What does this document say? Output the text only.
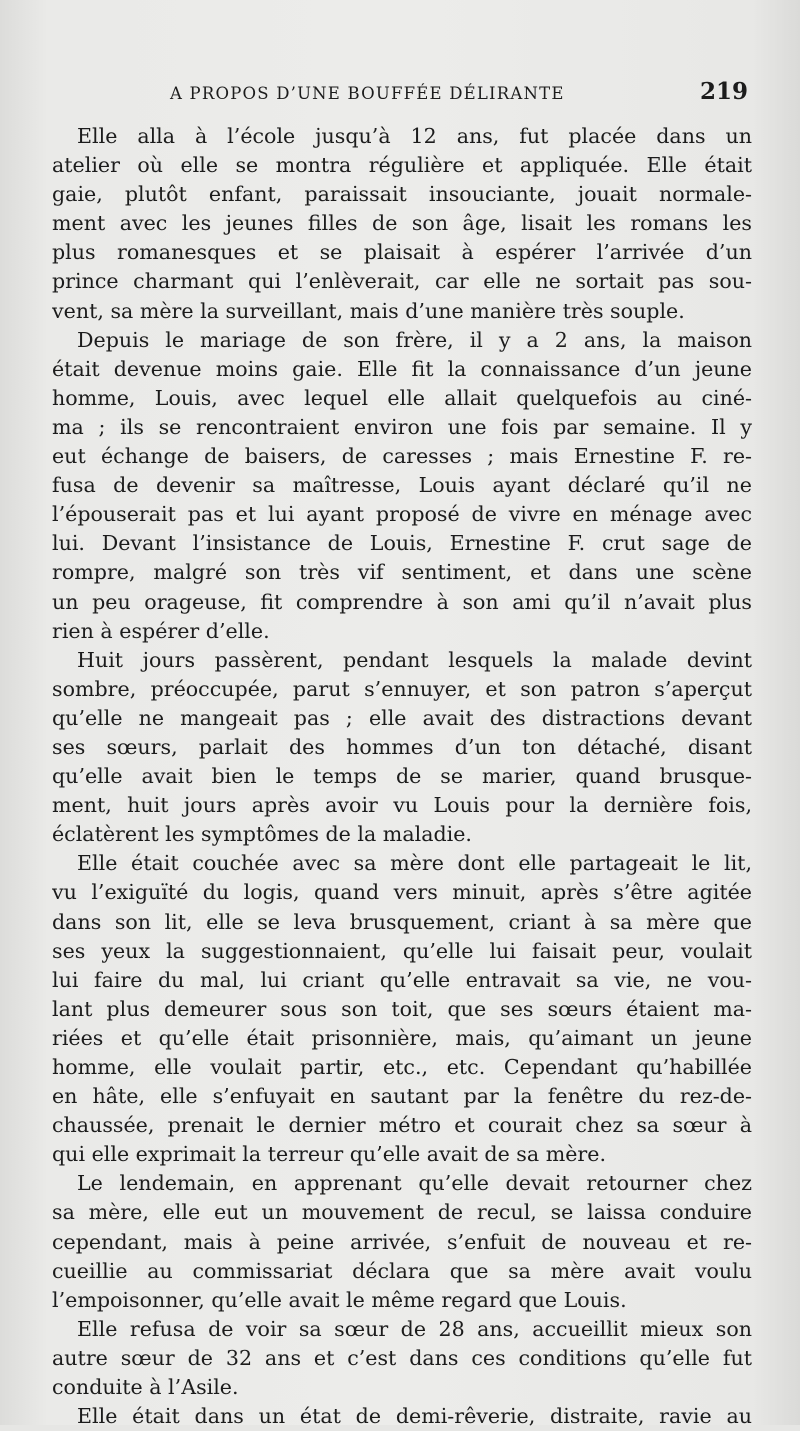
A PROPOS D’UNE BOUFFÉE DÉLIRANTE	219

Elle alla à l’école jusqu’à 12 ans, fut placée dans un
atelier où elle se montra régulière et appliquée. Elle était
gaie, plutôt enfant, paraissait insouciante, jouait normale-
ment avec les jeunes filles de son âge, lisait les romans les
plus romanesques et se plaisait à espérer l’arrivée d’un
prince charmant qui l’enlèverait, car elle ne sortait pas sou-
vent, sa mère la surveillant, mais d’une manière très souple.

Depuis le mariage de son frère, il y a 2 ans, la maison
était devenue moins gaie. Elle fit la connaissance d’un jeune
homme, Louis, avec lequel elle allait quelquefois au ciné-
ma ; ils se rencontraient environ une fois par semaine. Il y
eut échange de baisers, de caresses ; mais Ernestine F. re-
fusa de devenir sa maîtresse, Louis ayant déclaré qu’il ne
l’épouserait pas et lui ayant proposé de vivre en ménage avec
lui. Devant l’insistance de Louis, Ernestine F. crut sage de
rompre, malgré son très vif sentiment, et dans une scène
un peu orageuse, fit comprendre à son ami qu’il n’avait plus
rien à espérer d’elle.

Huit jours passèrent, pendant lesquels la malade devint
sombre, préoccupée, parut s’ennuyer, et son patron s’aperçut
qu’elle ne mangeait pas ; elle avait des distractions devant
ses sœurs, parlait des hommes d’un ton détaché, disant
qu’elle avait bien le temps de se marier, quand brusque-
ment, huit jours après avoir vu Louis pour la dernière fois,
éclatèrent les symptômes de la maladie.

Elle était couchée avec sa mère dont elle partageait le lit,
vu l’exiguïté du logis, quand vers minuit, après s’être agitée
dans son lit, elle se leva brusquement, criant à sa mère que
ses yeux la suggestionnaient, qu’elle lui faisait peur, voulait
lui faire du mal, lui criant qu’elle entravait sa vie, ne vou-
lant plus demeurer sous son toit, que ses sœurs étaient ma-
riées et qu’elle était prisonnière, mais, qu’aimant un jeune
homme, elle voulait partir, etc., etc. Cependant qu’habillée
en hâte, elle s’enfuyait en sautant par la fenêtre du rez-de-
chaussée, prenait le dernier métro et courait chez sa sœur à
qui elle exprimait la terreur qu’elle avait de sa mère.

Le lendemain, en apprenant qu’elle devait retourner chez
sa mère, elle eut un mouvement de recul, se laissa conduire
cependant, mais à peine arrivée, s’enfuit de nouveau et re-
cueillie au commissariat déclara que sa mère avait voulu
l’empoisonner, qu’elle avait le même regard que Louis.

Elle refusa de voir sa sœur de 28 ans, accueillit mieux son
autre sœur de 32 ans et c’est dans ces conditions qu’elle fut
conduite à l’Asile.

Elle était dans un état de demi-rêverie, distraite, ravie au
